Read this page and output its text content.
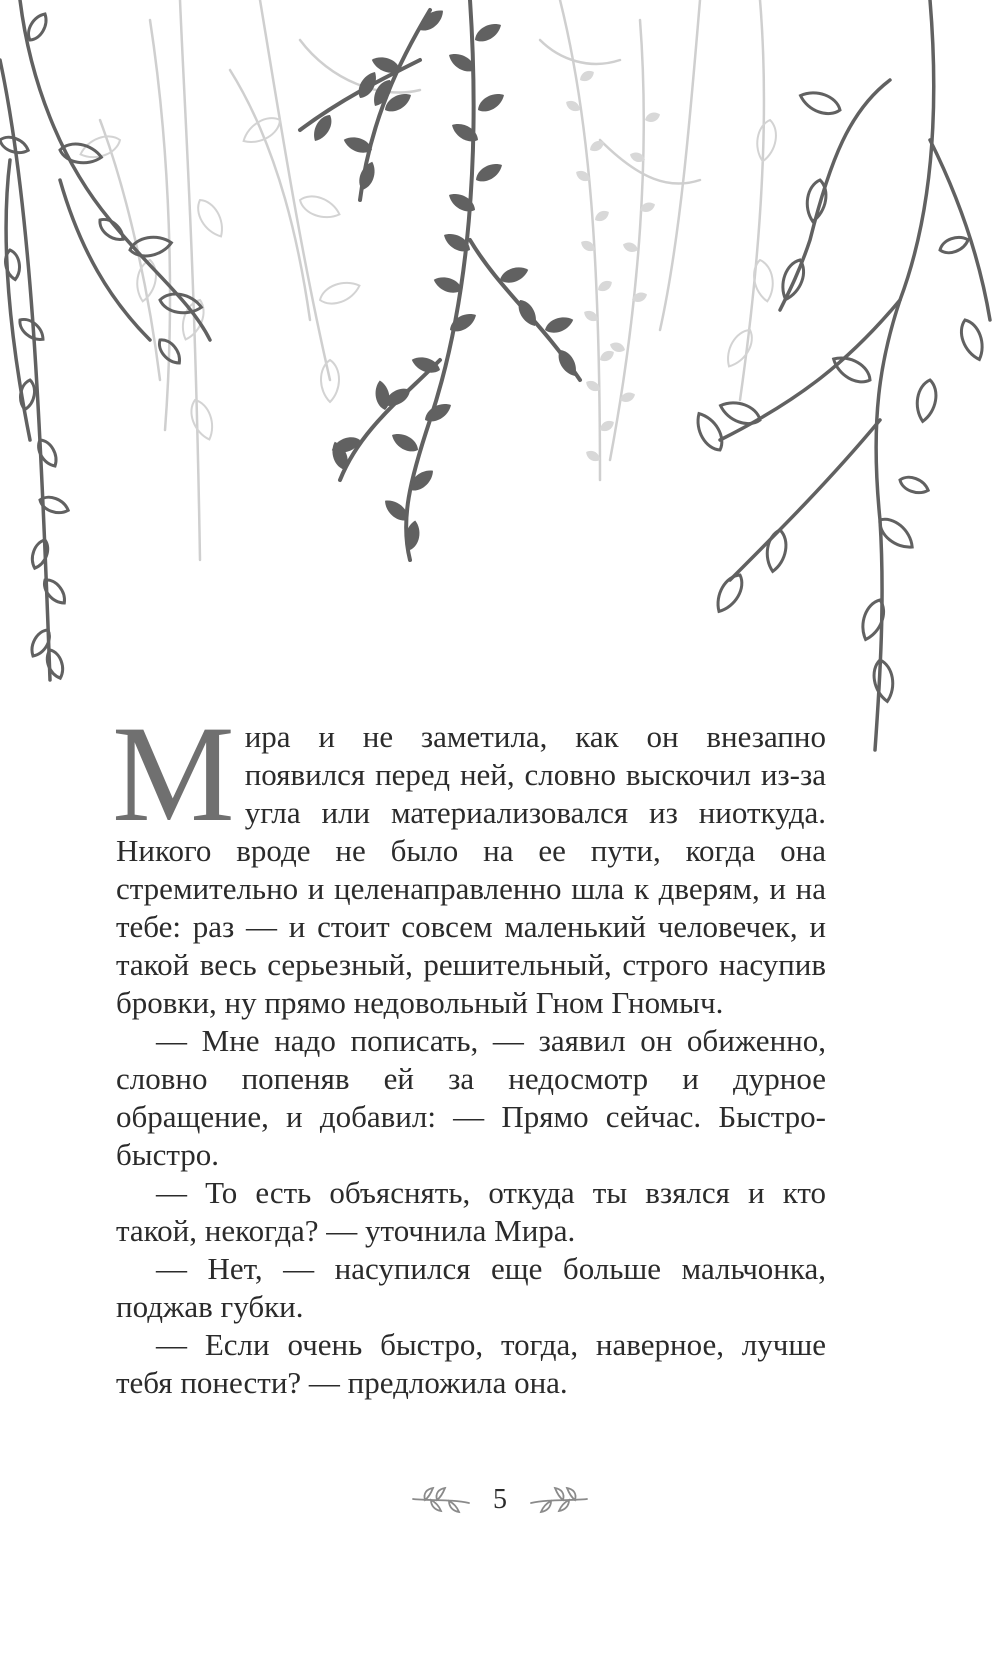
Мира и не заметила, как он внезапно появился перед ней, словно выскочил из-за угла или материализовался из ниоткуда. Никого вроде не было на ее пути, когда она стремительно и целенаправленно шла к дверям, и на тебе: раз — и стоит совсем маленький человечек, и такой весь серьезный, решительный, строго насупив бровки, ну прямо недовольный Гном Гномыч.

— Мне надо пописать, — заявил он обиженно, словно попеняв ей за недосмотр и дурное обращение, и добавил: — Прямо сейчас. Быстро-быстро.

— То есть объяснять, откуда ты взялся и кто такой, некогда? — уточнила Мира.

— Нет, — насупился еще больше мальчонка, поджав губки.

— Если очень быстро, тогда, наверное, лучше тебя понести? — предложила она.

5
